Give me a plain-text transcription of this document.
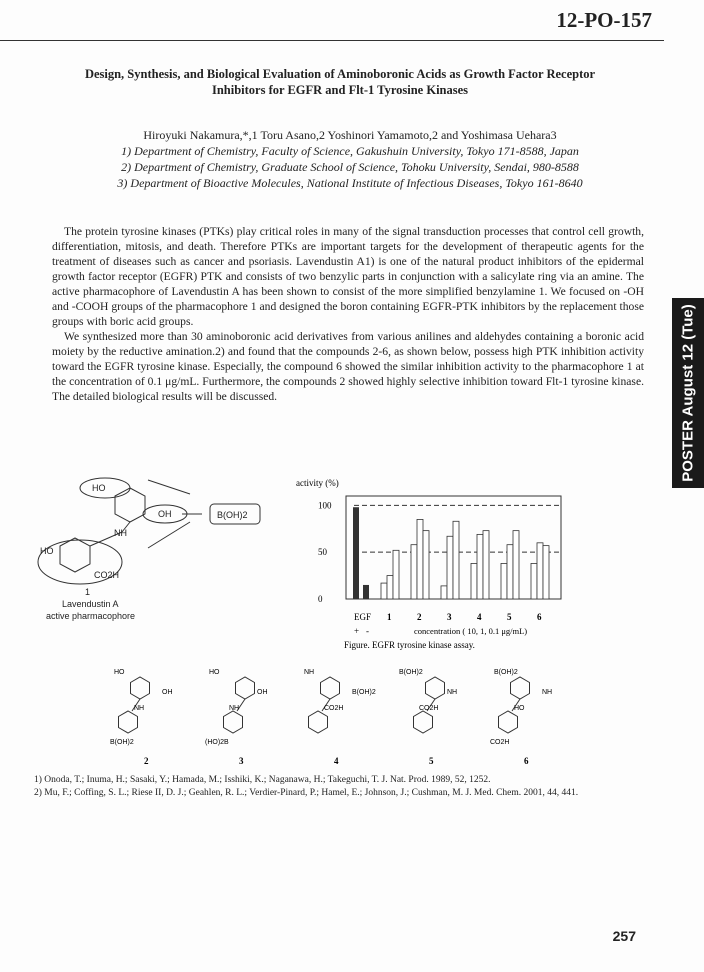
12-PO-157
Design, Synthesis, and Biological Evaluation of Aminoboronic Acids as Growth Factor Receptor Inhibitors for EGFR and Flt-1 Tyrosine Kinases
Hiroyuki Nakamura,*,1 Toru Asano,2 Yoshinori Yamamoto,2 and Yoshimasa Uehara3
1) Department of Chemistry, Faculty of Science, Gakushuin University, Tokyo 171-8588, Japan
2) Department of Chemistry, Graduate School of Science, Tohoku University, Sendai, 980-8588
3) Department of Bioactive Molecules, National Institute of Infectious Diseases, Tokyo 161-8640

The protein tyrosine kinases (PTKs) play critical roles in many of the signal transduction processes that control cell growth, differentiation, mitosis, and death. Therefore PTKs are important targets for the development of therapeutic agents for the treatment of diseases such as cancer and psoriasis. Lavendustin A1) is one of the natural product inhibitors of the epidermal growth factor receptor (EGFR) PTK and consists of two benzylic parts in conjunction with a salicylate ring via an amine. The active pharmacophore of Lavendustin A has been shown to consist of the more simplified benzylamine 1. We focused on -OH and -COOH groups of the pharmacophore 1 and designed the boron containing EGFR-PTK inhibitors by the replacement those groups with boric acid groups.

We synthesized more than 30 aminoboronic acid derivatives from various anilines and aldehydes containing a boronic acid moiety by the reductive amination.2) and found that the compounds 2-6, as shown below, possess high PTK inhibition activity toward the EGFR tyrosine kinase. Especially, the compound 6 showed the similar inhibition activity to the pharmacophore 1 at the concentration of 0.1 μg/mL. Furthermore, the compounds 2 showed highly selective inhibition toward Flt-1 tyrosine kinase. The detailed biological results will be discussed.	POSTER August 12 (Tue)
HO
OH	B(OH)2
NH
HO
CO2H
1
Lavendustin A
active pharmacophore
activity (%)
0
50
100
1	2	3	4	5	6
EGF
+ -	concentration ( 10, 1, 0.1 μg/mL)
Figure. EGFR tyrosine kinase assay.
HO
OH
NH
B(OH)2
2
HO
OH
NH
(HO)2B
3
NH
B(OH)2
CO2H
4
B(OH)2
NH
CO2H
5
B(OH)2
NH
HO
CO2H
6
1) Onoda, T.; Inuma, H.; Sasaki, Y.; Hamada, M.; Isshiki, K.; Naganawa, H.; Takeguchi, T. J. Nat. Prod. 1989, 52, 1252.
2) Mu, F.; Coffing, S. L.; Riese II, D. J.; Geahlen, R. L.; Verdier-Pinard, P.; Hamel, E.; Johnson, J.; Cushman, M. J. Med. Chem. 2001, 44, 441.
257
